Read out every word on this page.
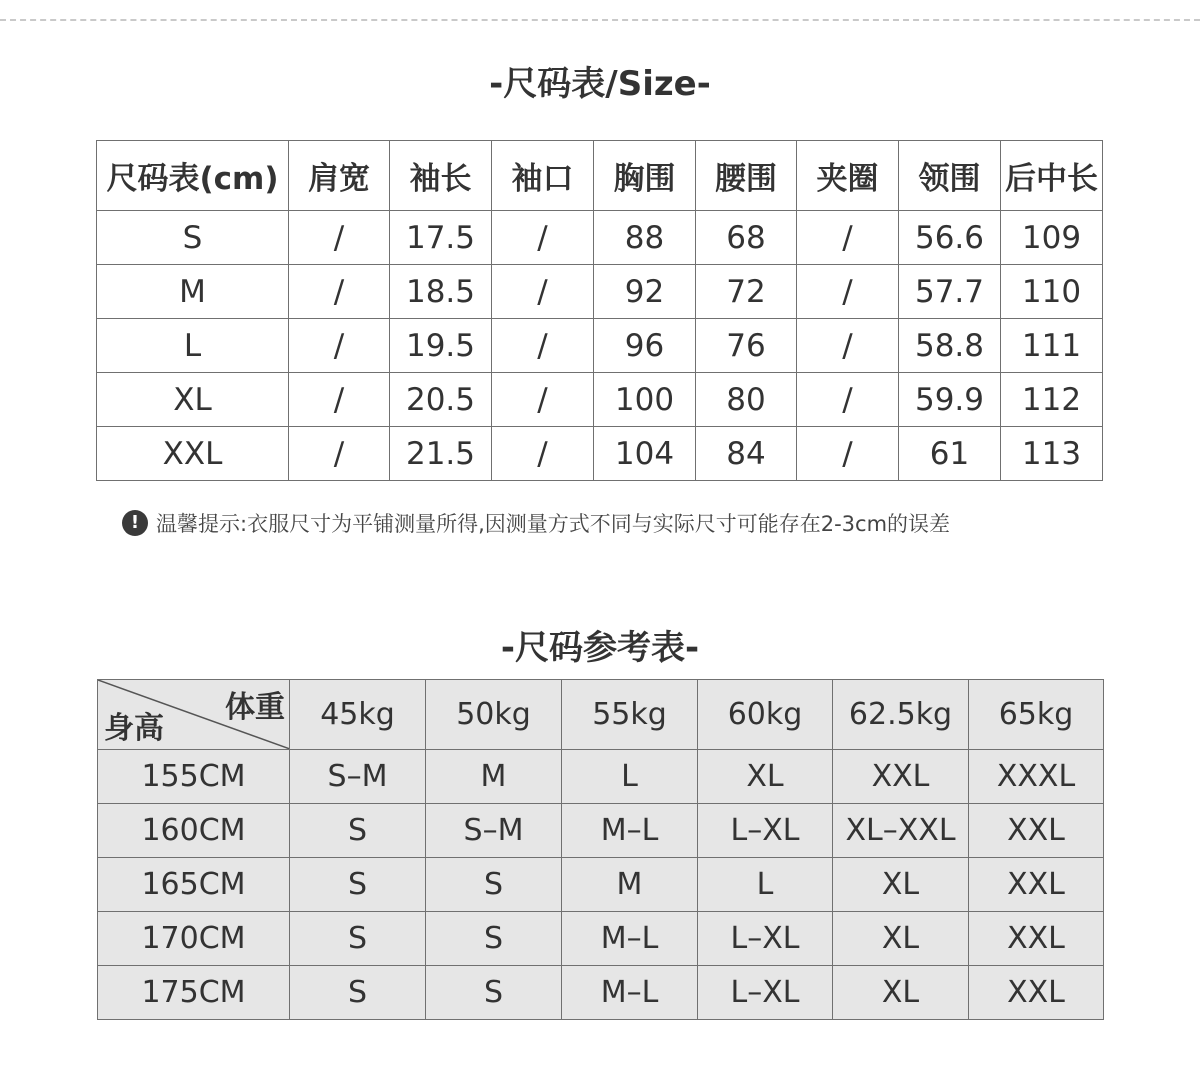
-尺码表/Size-
尺码表(cm)	肩宽	袖长	袖口	胸围	腰围	夹圈	领围	后中长
S	/	17.5	/	88	68	/	56.6	109
M	/	18.5	/	92	72	/	57.7	110
L	/	19.5	/	96	76	/	58.8	111
XL	/	20.5	/	100	80	/	59.9	112
XXL	/	21.5	/	104	84	/	61	113
! 温馨提示:衣服尺寸为平铺测量所得,因测量方式不同与实际尺寸可能存在2-3cm的误差
-尺码参考表-
体重
身高	45kg	50kg	55kg	60kg	62.5kg	65kg
155CM	S–M	M	L	XL	XXL	XXXL
160CM	S	S–M	M–L	L–XL	XL–XXL	XXL
165CM	S	S	M	L	XL	XXL
170CM	S	S	M–L	L–XL	XL	XXL
175CM	S	S	M–L	L–XL	XL	XXL
